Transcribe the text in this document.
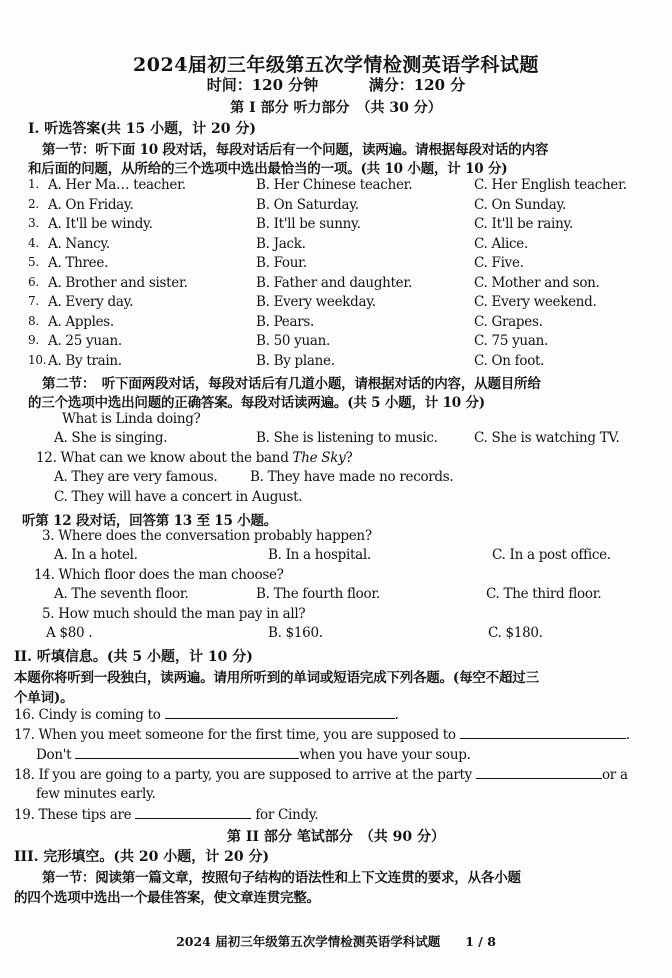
2024届初三年级第五次学情检测英语学科试题
时间：120 分钟	满分：120 分
第 I 部分 听力部分　（共 30 分）
I. 听选答案(共 15 小题，计 20 分)
第一节：听下面 10 段对话，每段对话后有一个问题，读两遍。请根据每段对话的内容
和后面的问题，从所给的三个选项中选出最恰当的一项。(共 10 小题，计 10 分)
1. A. Her Ma… teacher.	B. Her Chinese teacher.	C. Her English teacher.
2. A. On Friday.	B. On Saturday.	C. On Sunday.
3. A. It'll be windy.	B. It'll be sunny.	C. It'll be rainy.
4. A. Nancy.	B. Jack.	C. Alice.
5. A. Three.	B. Four.	C. Five.
6. A. Brother and sister.	B. Father and daughter.	C. Mother and son.
7. A. Every day.	B. Every weekday.	C. Every weekend.
8. A. Apples.	B. Pears.	C. Grapes.
9. A. 25 yuan.	B. 50 yuan.	C. 75 yuan.
10. A. By train.	B. By plane.	C. On foot.
第二节：　听下面两段对话，每段对话后有几道小题，请根据对话的内容，从题目所给
的三个选项中选出问题的正确答案。每段对话读两遍。(共 5 小题，计 10 分)
What is Linda doing?
A. She is singing.	B. She is listening to music.	C. She is watching TV.
12. What can we know about the band The Sky?
A. They are very famous. B. They have made no records.
C. They will have a concert in August.
听第 12 段对话，回答第 13 至 15 小题。
3. Where does the conversation probably happen?
A. In a hotel.	B. In a hospital.	C. In a post office.
14. Which floor does the man choose?
A. The seventh floor.	B. The fourth floor.	C. The third floor.
5. How much should the man pay in all?
A $80 .	B. $160.	C. $180.
II. 听填信息。(共 5 小题，计 10 分)
本题你将听到一段独白，读两遍。请用所听到的单词或短语完成下列各题。(每空不超过三
个单词)。
16. Cindy is coming to	.
17. When you meet someone for the first time, you are supposed to	.
Don't	when you have your soup.
18. If you are going to a party, you are supposed to arrive at the party	or a
few minutes early.
19. These tips are	for Cindy.
第 II 部分 笔试部分　（共 90 分）
III. 完形填空。(共 20 小题，计 20 分)
第一节：阅读第一篇文章，按照句子结构的语法性和上下文连贯的要求，从各小题
的四个选项中选出一个最佳答案，使文章连贯完整。
2024 届初三年级第五次学情检测英语学科试题　　1 / 8
